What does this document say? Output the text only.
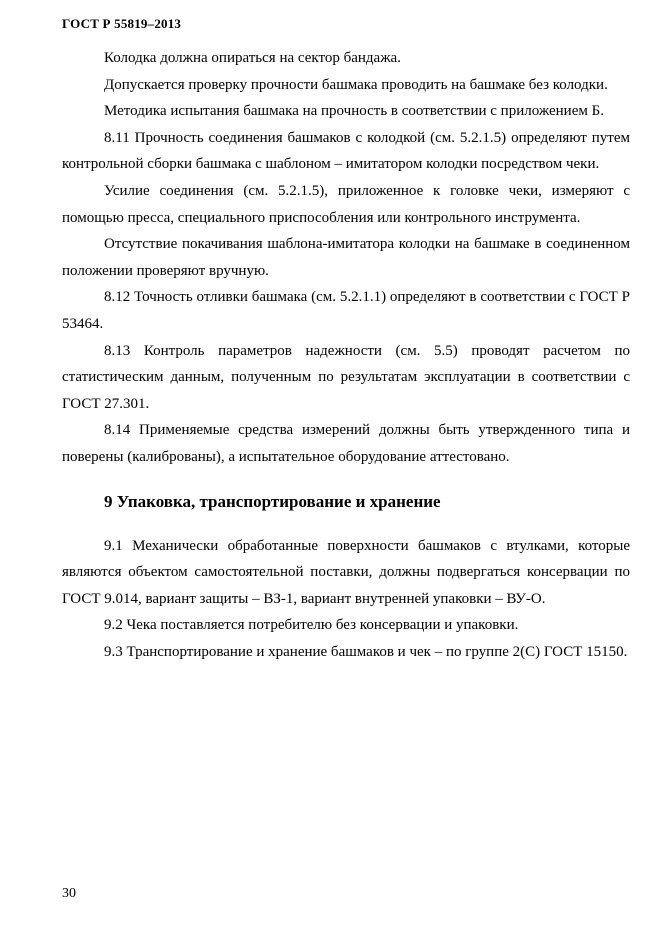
ГОСТ Р 55819–2013

Колодка должна опираться на сектор бандажа.

Допускается проверку прочности башмака проводить на башмаке без колодки.

Методика испытания башмака на прочность в соответствии с приложением Б.

8.11 Прочность соединения башмаков с колодкой (см. 5.2.1.5) определяют путем контрольной сборки башмака с шаблоном – имитатором колодки посредством чеки.

Усилие соединения (см. 5.2.1.5), приложенное к головке чеки, измеряют с помощью пресса, специального приспособления или контрольного инструмента.

Отсутствие покачивания шаблона-имитатора колодки на башмаке в соединенном положении проверяют вручную.

8.12 Точность отливки башмака (см. 5.2.1.1) определяют в соответствии с ГОСТ Р 53464.

8.13 Контроль параметров надежности (см. 5.5) проводят расчетом по статистическим данным, полученным по результатам эксплуатации в соответствии с ГОСТ 27.301.

8.14 Применяемые средства измерений должны быть утвержденного типа и поверены (калиброваны), а испытательное оборудование аттестовано.

9 Упаковка, транспортирование и хранение

9.1 Механически обработанные поверхности башмаков с втулками, которые являются объектом самостоятельной поставки, должны подвергаться консервации по ГОСТ 9.014, вариант защиты – ВЗ-1, вариант внутренней упаковки – ВУ-О.

9.2 Чека поставляется потребителю без консервации и упаковки.

9.3 Транспортирование и хранение башмаков и чек – по группе 2(С) ГОСТ 15150.

30
